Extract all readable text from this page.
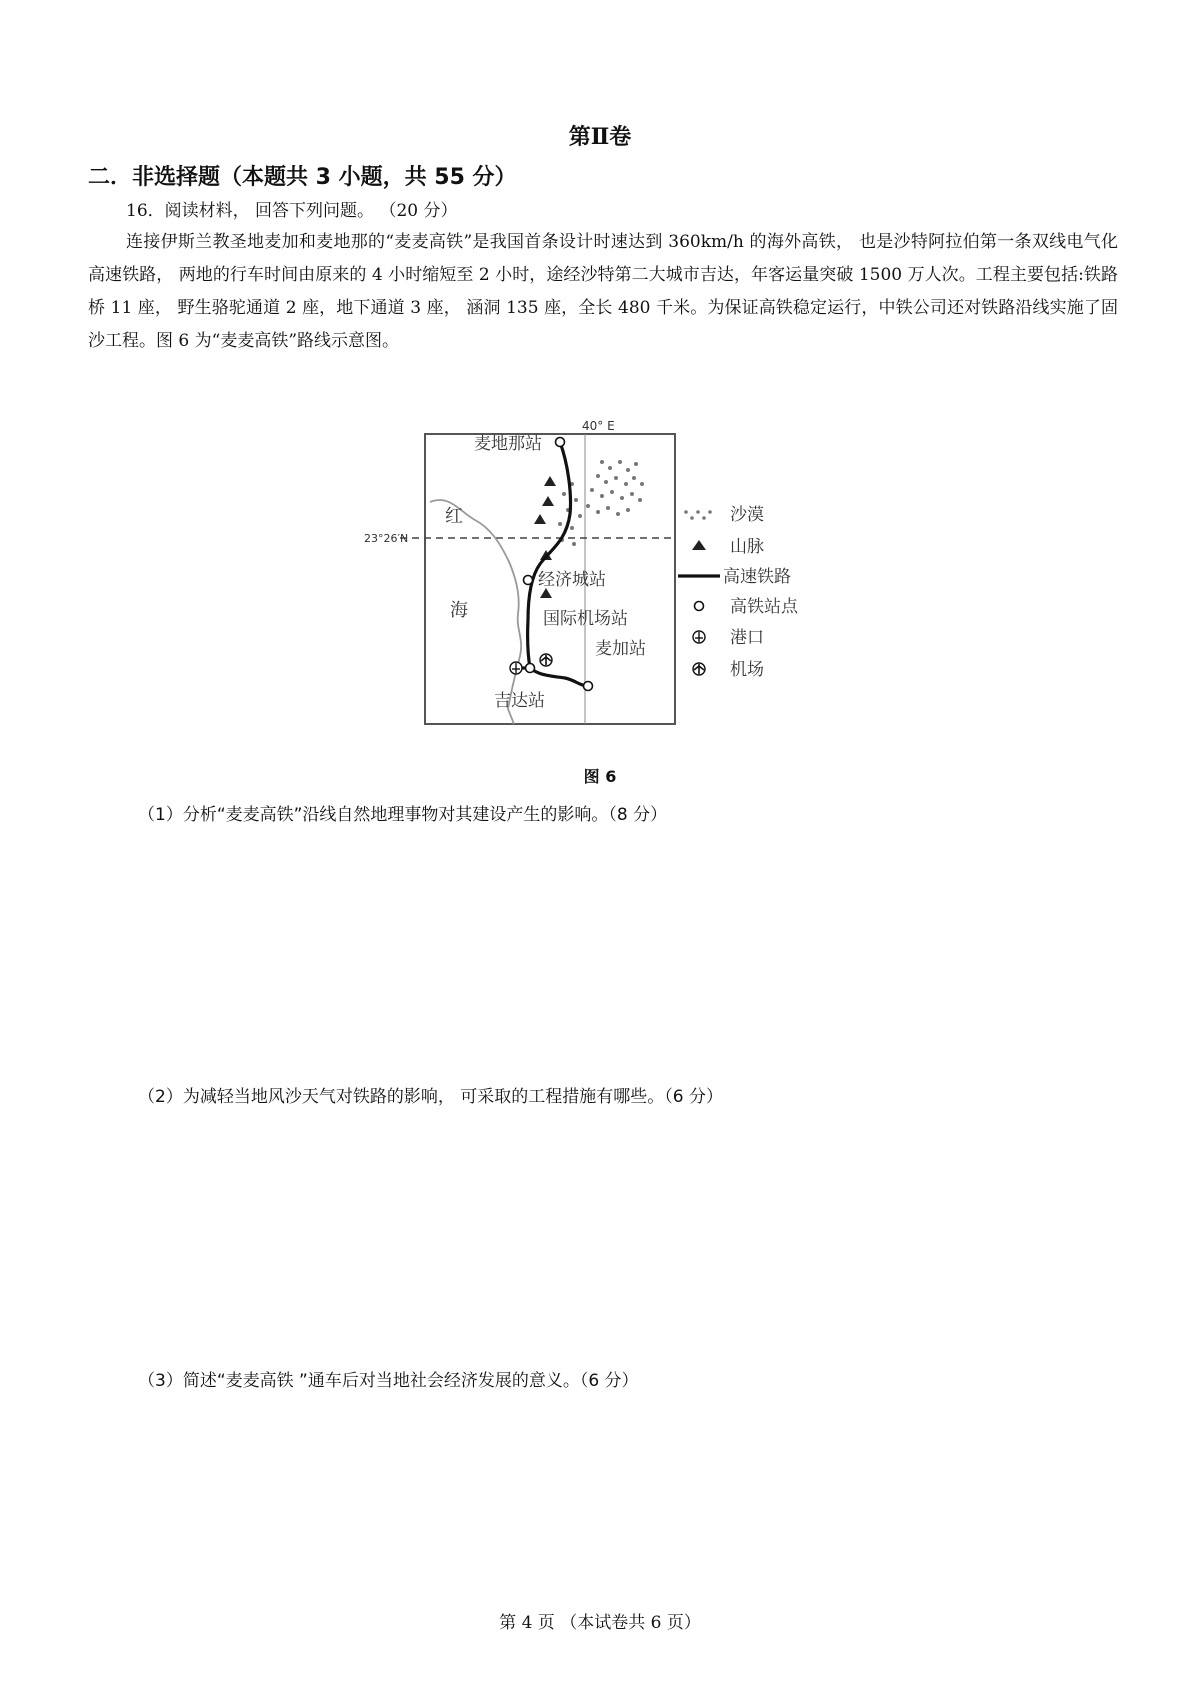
第Ⅱ卷
二．非选择题（本题共 3 小题，共 55 分）
16．阅读材料， 回答下列问题。 （20 分）
连接伊斯兰教圣地麦加和麦地那的“麦麦高铁”是我国首条设计时速达到 360km/h 的海外高铁， 也是沙特阿拉伯第一条双线电气化高速铁路， 两地的行车时间由原来的 4 小时缩短至 2 小时，途经沙特第二大城市吉达，年客运量突破 1500 万人次。工程主要包括:铁路桥 11 座， 野生骆驼通道 2 座，地下通道 3 座， 涵洞 135 座，全长 480 千米。为保证高铁稳定运行，中铁公司还对铁路沿线实施了固沙工程。图 6 为“麦麦高铁”路线示意图。
40° E
23°26′N
红
海
麦地那站
经济城站
国际机场站
麦加站
吉达站
沙漠
山脉
高速铁路
高铁站点
港口
机场
图 6
（1）分析“麦麦高铁”沿线自然地理事物对其建设产生的影响。（8 分）
（2）为减轻当地风沙天气对铁路的影响， 可采取的工程措施有哪些。（6 分）
（3）简述“麦麦高铁 ”通车后对当地社会经济发展的意义。（6 分）
第 4 页 （本试卷共 6 页）
